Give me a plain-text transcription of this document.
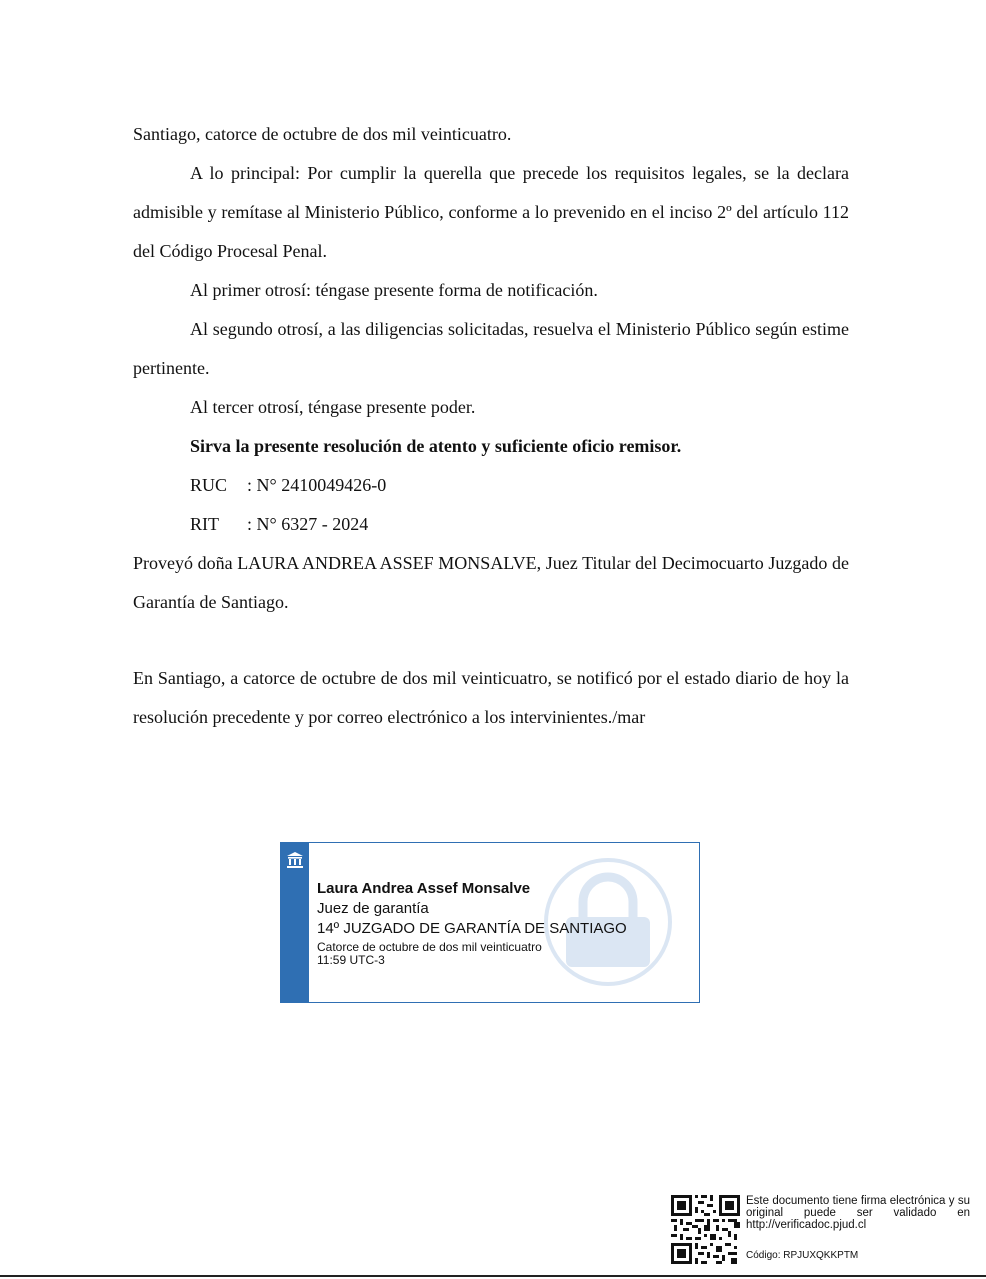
Santiago, catorce de octubre de dos mil veinticuatro.

A lo principal: Por cumplir la querella que precede los requisitos legales, se la declara admisible y remítase al Ministerio Público, conforme a lo prevenido en el inciso 2º del artículo 112 del Código Procesal Penal.

Al primer otrosí: téngase presente forma de notificación.

Al segundo otrosí, a las diligencias solicitadas, resuelva el Ministerio Público según estime pertinente.

Al tercer otrosí, téngase presente poder.

Sirva la presente resolución de atento y suficiente oficio remisor.

RUC : N° 2410049426-0

RIT : N° 6327 - 2024

Proveyó doña LAURA ANDREA ASSEF MONSALVE, Juez Titular del Decimocuarto Juzgado de Garantía de Santiago.

En Santiago, a catorce de octubre de dos mil veinticuatro, se notificó por el estado diario de hoy la resolución precedente y por correo electrónico a los intervinientes./mar

Laura Andrea Assef Monsalve
Juez de garantía
14º JUZGADO DE GARANTÍA DE SANTIAGO
Catorce de octubre de dos mil veinticuatro
11:59 UTC-3
Este documento tiene firma electrónica y su original puede ser validado en http://verificadoc.pjud.cl
Código: RPJUXQKKPTM
